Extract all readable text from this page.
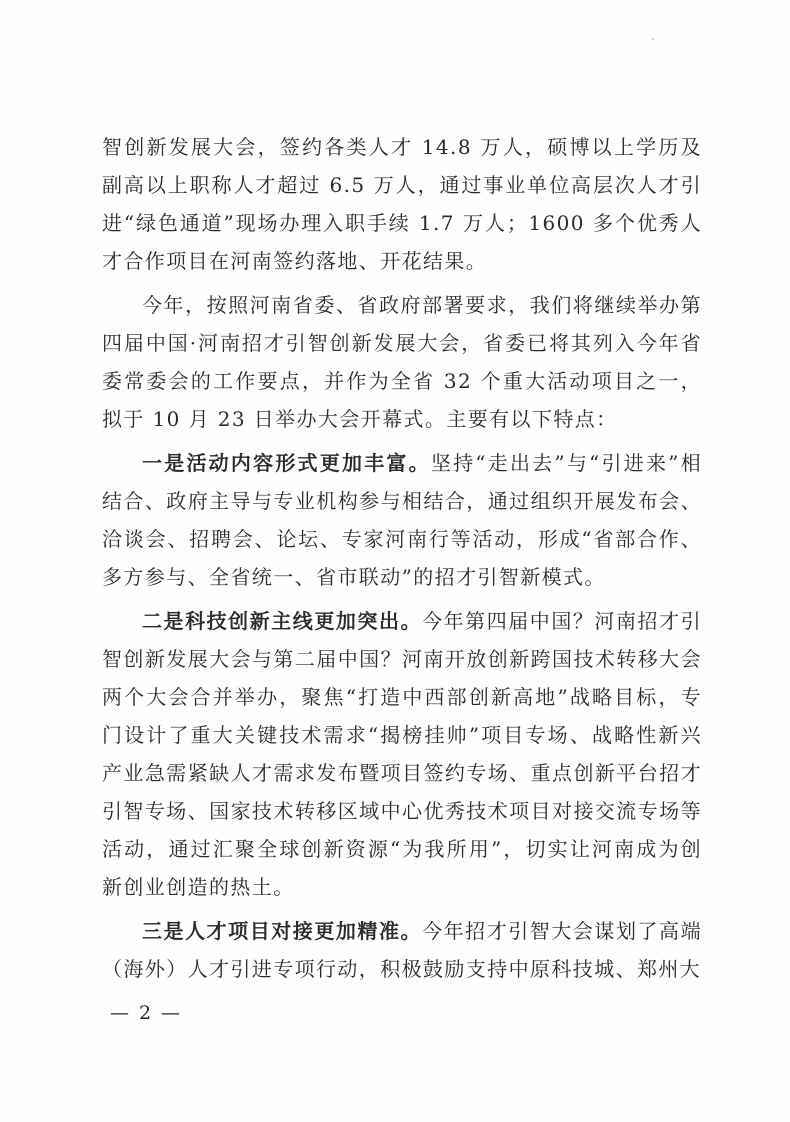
智创新发展大会，签约各类人才 14.8 万人，硕博以上学历及副高以上职称人才超过 6.5 万人，通过事业单位高层次人才引进“绿色通道”现场办理入职手续 1.7 万人；1600 多个优秀人才合作项目在河南签约落地、开花结果。

今年，按照河南省委、省政府部署要求，我们将继续举办第四届中国·河南招才引智创新发展大会，省委已将其列入今年省委常委会的工作要点，并作为全省 32 个重大活动项目之一，拟于 10 月 23 日举办大会开幕式。主要有以下特点：

一是活动内容形式更加丰富。坚持“走出去”与“引进来”相结合、政府主导与专业机构参与相结合，通过组织开展发布会、洽谈会、招聘会、论坛、专家河南行等活动，形成“省部合作、多方参与、全省统一、省市联动”的招才引智新模式。

二是科技创新主线更加突出。今年第四届中国？河南招才引智创新发展大会与第二届中国？河南开放创新跨国技术转移大会两个大会合并举办，聚焦“打造中西部创新高地”战略目标，专门设计了重大关键技术需求“揭榜挂帅”项目专场、战略性新兴产业急需紧缺人才需求发布暨项目签约专场、重点创新平台招才引智专场、国家技术转移区域中心优秀技术项目对接交流专场等活动，通过汇聚全球创新资源“为我所用”，切实让河南成为创新创业创造的热土。

三是人才项目对接更加精准。今年招才引智大会谋划了高端（海外）人才引进专项行动，积极鼓励支持中原科技城、郑州大

— 2 —
